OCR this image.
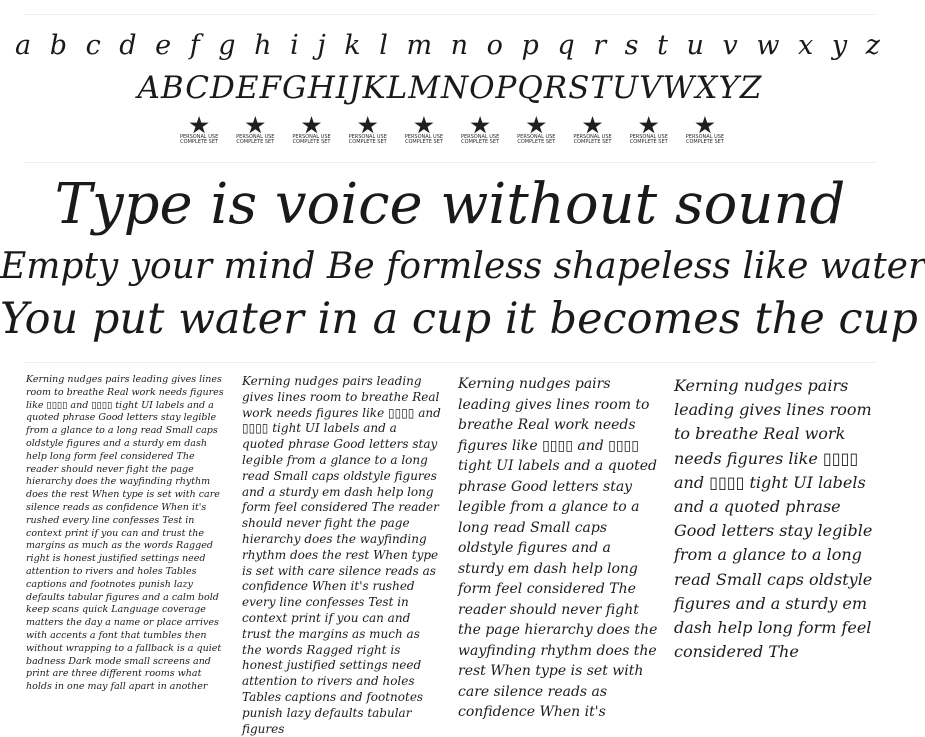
a b c d e f g h i j k l m n o p q r s t u v w x y z
ABCDEFGHIJKLMNOPQRSTUVWXYZ
PERSONAL USE
COMPLETE SET
PERSONAL USE
COMPLETE SET
PERSONAL USE
COMPLETE SET
PERSONAL USE
COMPLETE SET
PERSONAL USE
COMPLETE SET
PERSONAL USE
COMPLETE SET
PERSONAL USE
COMPLETE SET
PERSONAL USE
COMPLETE SET
PERSONAL USE
COMPLETE SET
PERSONAL USE
COMPLETE SET
Type is voice without sound
Empty your mind Be formless shapeless like water
You put water in a cup it becomes the cup

Kerning nudges pairs leading gives lines room to breathe Real work needs figures like ▯▯▯▯ and ▯▯▯▯ tight UI labels and a quoted phrase Good letters stay legible from a glance to a long read Small caps oldstyle figures and a sturdy em dash help long form feel considered The reader should never fight the page hierarchy does the wayfinding rhythm does the rest When type is set with care silence reads as confidence When it's rushed every line confesses Test in context print if you can and trust the margins as much as the words Ragged right is honest justified settings need attention to rivers and holes Tables captions and footnotes punish lazy defaults tabular figures and a calm bold keep scans quick Language coverage matters the day a name or place arrives with accents a font that tumbles then without wrapping to a fallback is a quiet badness Dark mode small screens and print are three different rooms what holds in one may fall apart in another

Kerning nudges pairs leading gives lines room to breathe Real work needs figures like ▯▯▯▯ and ▯▯▯▯ tight UI labels and a quoted phrase Good letters stay legible from a glance to a long read Small caps oldstyle figures and a sturdy em dash help long form feel considered The reader should never fight the page hierarchy does the wayfinding rhythm does the rest When type is set with care silence reads as confidence When it's rushed every line confesses Test in context print if you can and trust the margins as much as the words Ragged right is honest justified settings need attention to rivers and holes Tables captions and footnotes punish lazy defaults tabular figures

Kerning nudges pairs leading gives lines room to breathe Real work needs figures like ▯▯▯▯ and ▯▯▯▯ tight UI labels and a quoted phrase Good letters stay legible from a glance to a long read Small caps oldstyle figures and a sturdy em dash help long form feel considered The reader should never fight the page hierarchy does the wayfinding rhythm does the rest When type is set with care silence reads as confidence When it's

Kerning nudges pairs leading gives lines room to breathe Real work needs figures like ▯▯▯▯ and ▯▯▯▯ tight UI labels and a quoted phrase Good letters stay legible from a glance to a long read Small caps oldstyle figures and a sturdy em dash help long form feel considered The
